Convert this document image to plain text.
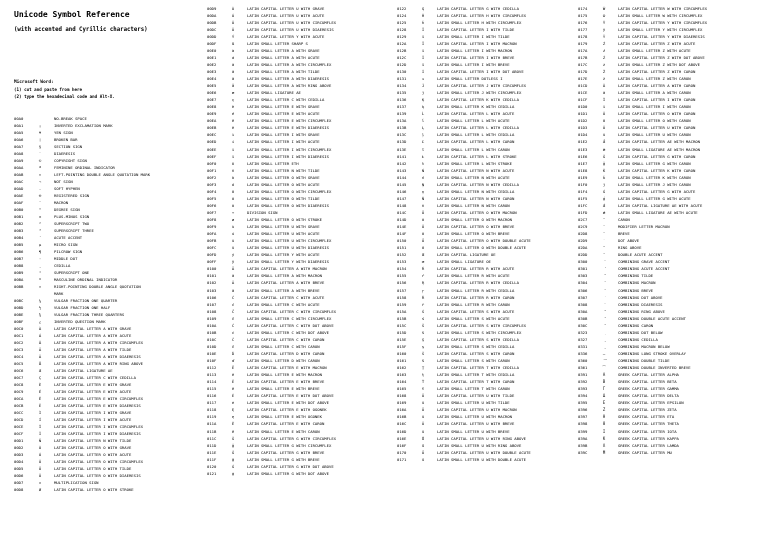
Unicode Symbol Reference
(with accented and Cyrillic characters)
Microsoft Word:
(1) cut and paste from here
(2) type the hexadecimal code and Alt-X.
00A0	NO-BREAK SPACE
00A1	¡	INVERTED EXCLAMATION MARK
00A5	¥	YEN SIGN
00A6	¦	BROKEN BAR
00A7	§	SECTION SIGN
00A8	¨	DIAERESIS
00A9	©	COPYRIGHT SIGN
00AA	ª	FEMININE ORDINAL INDICATOR
00AB	«	LEFT-POINTING DOUBLE ANGLE QUOTATION MARK
00AC	¬	NOT SIGN
00AD	-	SOFT HYPHEN
00AE	®	REGISTERED SIGN
00AF	¯	MACRON
00B0	°	DEGREE SIGN
00B1	±	PLUS-MINUS SIGN
00B2	²	SUPERSCRIPT TWO
00B3	³	SUPERSCRIPT THREE
00B4	´	ACUTE ACCENT
00B5	µ	MICRO SIGN
00B6	¶	PILCROW SIGN
00B7	·	MIDDLE DOT
00B8	¸	CEDILLA
00B9	¹	SUPERSCRIPT ONE
00BA	º	MASCULINE ORDINAL INDICATOR
00BB	»	RIGHT-POINTING DOUBLE ANGLE QUOTATION
MARK
00BC	¼	VULGAR FRACTION ONE QUARTER
00BD	½	VULGAR FRACTION ONE HALF
00BE	¾	VULGAR FRACTION THREE QUARTERS
00BF	¿	INVERTED QUESTION MARK
00C0	À	LATIN CAPITAL LETTER A WITH GRAVE
00C1	Á	LATIN CAPITAL LETTER A WITH ACUTE
00C2	Â	LATIN CAPITAL LETTER A WITH CIRCUMFLEX
00C3	Ã	LATIN CAPITAL LETTER A WITH TILDE
00C4	Ä	LATIN CAPITAL LETTER A WITH DIAERESIS
00C5	Å	LATIN CAPITAL LETTER A WITH RING ABOVE
00C6	Æ	LATIN CAPITAL LIGATURE AE
00C7	Ç	LATIN CAPITAL LETTER C WITH CEDILLA
00C8	È	LATIN CAPITAL LETTER E WITH GRAVE
00C9	É	LATIN CAPITAL LETTER E WITH ACUTE
00CA	Ê	LATIN CAPITAL LETTER E WITH CIRCUMFLEX
00CB	Ë	LATIN CAPITAL LETTER E WITH DIAERESIS
00CC	Ì	LATIN CAPITAL LETTER I WITH GRAVE
00CD	Í	LATIN CAPITAL LETTER I WITH ACUTE
00CE	Î	LATIN CAPITAL LETTER I WITH CIRCUMFLEX
00CF	Ï	LATIN CAPITAL LETTER I WITH DIAERESIS
00D1	Ñ	LATIN CAPITAL LETTER N WITH TILDE
00D2	Ò	LATIN CAPITAL LETTER O WITH GRAVE
00D3	Ó	LATIN CAPITAL LETTER O WITH ACUTE
00D4	Ô	LATIN CAPITAL LETTER O WITH CIRCUMFLEX
00D5	Õ	LATIN CAPITAL LETTER O WITH TILDE
00D6	Ö	LATIN CAPITAL LETTER O WITH DIAERESIS
00D7	×	MULTIPLICATION SIGN
00D8	Ø	LATIN CAPITAL LETTER O WITH STROKE
00D9	Ù	LATIN CAPITAL LETTER U WITH GRAVE
00DA	Ú	LATIN CAPITAL LETTER U WITH ACUTE
00DB	Û	LATIN CAPITAL LETTER U WITH CIRCUMFLEX
00DC	Ü	LATIN CAPITAL LETTER U WITH DIAERESIS
00DD	Ý	LATIN CAPITAL LETTER Y WITH ACUTE
00DF	ß	LATIN SMALL LETTER SHARP S
00E0	à	LATIN SMALL LETTER A WITH GRAVE
00E1	á	LATIN SMALL LETTER A WITH ACUTE
00E2	â	LATIN SMALL LETTER A WITH CIRCUMFLEX
00E3	ã	LATIN SMALL LETTER A WITH TILDE
00E4	ä	LATIN SMALL LETTER A WITH DIAERESIS
00E5	å	LATIN SMALL LETTER A WITH RING ABOVE
00E6	æ	LATIN SMALL LIGATURE AE
00E7	ç	LATIN SMALL LETTER C WITH CEDILLA
00E8	è	LATIN SMALL LETTER E WITH GRAVE
00E9	é	LATIN SMALL LETTER E WITH ACUTE
00EA	ê	LATIN SMALL LETTER E WITH CIRCUMFLEX
00EB	ë	LATIN SMALL LETTER E WITH DIAERESIS
00EC	ì	LATIN SMALL LETTER I WITH GRAVE
00ED	í	LATIN SMALL LETTER I WITH ACUTE
00EE	î	LATIN SMALL LETTER I WITH CIRCUMFLEX
00EF	ï	LATIN SMALL LETTER I WITH DIAERESIS
00F0	ð	LATIN SMALL LETTER ETH
00F1	ñ	LATIN SMALL LETTER N WITH TILDE
00F2	ò	LATIN SMALL LETTER O WITH GRAVE
00F3	ó	LATIN SMALL LETTER O WITH ACUTE
00F4	ô	LATIN SMALL LETTER O WITH CIRCUMFLEX
00F5	õ	LATIN SMALL LETTER O WITH TILDE
00F6	ö	LATIN SMALL LETTER O WITH DIAERESIS
00F7	÷	DIVISION SIGN
00F8	ø	LATIN SMALL LETTER O WITH STROKE
00F9	ù	LATIN SMALL LETTER U WITH GRAVE
00FA	ú	LATIN SMALL LETTER U WITH ACUTE
00FB	û	LATIN SMALL LETTER U WITH CIRCUMFLEX
00FC	ü	LATIN SMALL LETTER U WITH DIAERESIS
00FD	ý	LATIN SMALL LETTER Y WITH ACUTE
00FF	ÿ	LATIN SMALL LETTER Y WITH DIAERESIS
0100	Ā	LATIN CAPITAL LETTER A WITH MACRON
0101	ā	LATIN SMALL LETTER A WITH MACRON
0102	Ă	LATIN CAPITAL LETTER A WITH BREVE
0103	ă	LATIN SMALL LETTER A WITH BREVE
0106	Ć	LATIN CAPITAL LETTER C WITH ACUTE
0107	ć	LATIN SMALL LETTER C WITH ACUTE
0108	Ĉ	LATIN CAPITAL LETTER C WITH CIRCUMFLEX
0109	ĉ	LATIN SMALL LETTER C WITH CIRCUMFLEX
010A	Ċ	LATIN CAPITAL LETTER C WITH DOT ABOVE
010B	ċ	LATIN SMALL LETTER C WITH DOT ABOVE
010C	Č	LATIN CAPITAL LETTER C WITH CARON
010D	č	LATIN SMALL LETTER C WITH CARON
010E	Ď	LATIN CAPITAL LETTER D WITH CARON
010F	ď	LATIN SMALL LETTER D WITH CARON
0112	Ē	LATIN CAPITAL LETTER E WITH MACRON
0113	ē	LATIN SMALL LETTER E WITH MACRON
0114	Ĕ	LATIN CAPITAL LETTER E WITH BREVE
0115	ĕ	LATIN SMALL LETTER E WITH BREVE
0116	Ė	LATIN CAPITAL LETTER E WITH DOT ABOVE
0117	ė	LATIN SMALL LETTER E WITH DOT ABOVE
0118	Ę	LATIN CAPITAL LETTER E WITH OGONEK
0119	ę	LATIN SMALL LETTER E WITH OGONEK
011A	Ě	LATIN CAPITAL LETTER E WITH CARON
011B	ě	LATIN SMALL LETTER E WITH CARON
011C	Ĝ	LATIN CAPITAL LETTER G WITH CIRCUMFLEX
011D	ĝ	LATIN SMALL LETTER G WITH CIRCUMFLEX
011E	Ğ	LATIN CAPITAL LETTER G WITH BREVE
011F	ğ	LATIN SMALL LETTER G WITH BREVE
0120	Ġ	LATIN CAPITAL LETTER G WITH DOT ABOVE
0121	ġ	LATIN SMALL LETTER G WITH DOT ABOVE
0122	Ģ	LATIN CAPITAL LETTER G WITH CEDILLA
0124	Ĥ	LATIN CAPITAL LETTER H WITH CIRCUMFLEX
0125	ĥ	LATIN SMALL LETTER H WITH CIRCUMFLEX
0128	Ĩ	LATIN CAPITAL LETTER I WITH TILDE
0129	ĩ	LATIN SMALL LETTER I WITH TILDE
012A	Ī	LATIN CAPITAL LETTER I WITH MACRON
012B	ī	LATIN SMALL LETTER I WITH MACRON
012C	Ĭ	LATIN CAPITAL LETTER I WITH BREVE
012D	ĭ	LATIN SMALL LETTER I WITH BREVE
0130	İ	LATIN CAPITAL LETTER I WITH DOT ABOVE
0131	ı	LATIN SMALL LETTER DOTLESS I
0134	Ĵ	LATIN CAPITAL LETTER J WITH CIRCUMFLEX
0135	ĵ	LATIN SMALL LETTER J WITH CIRCUMFLEX
0136	Ķ	LATIN CAPITAL LETTER K WITH CEDILLA
0137	ķ	LATIN SMALL LETTER K WITH CEDILLA
0139	Ĺ	LATIN CAPITAL LETTER L WITH ACUTE
013A	ĺ	LATIN SMALL LETTER L WITH ACUTE
013B	Ļ	LATIN CAPITAL LETTER L WITH CEDILLA
013C	ļ	LATIN SMALL LETTER L WITH CEDILLA
013D	Ľ	LATIN CAPITAL LETTER L WITH CARON
013E	ľ	LATIN SMALL LETTER L WITH CARON
0141	Ł	LATIN CAPITAL LETTER L WITH STROKE
0142	ł	LATIN SMALL LETTER L WITH STROKE
0143	Ń	LATIN CAPITAL LETTER N WITH ACUTE
0144	ń	LATIN SMALL LETTER N WITH ACUTE
0145	Ņ	LATIN CAPITAL LETTER N WITH CEDILLA
0146	ņ	LATIN SMALL LETTER N WITH CEDILLA
0147	Ň	LATIN CAPITAL LETTER N WITH CARON
0148	ň	LATIN SMALL LETTER N WITH CARON
014C	Ō	LATIN CAPITAL LETTER O WITH MACRON
014D	ō	LATIN SMALL LETTER O WITH MACRON
014E	Ŏ	LATIN CAPITAL LETTER O WITH BREVE
014F	ŏ	LATIN SMALL LETTER O WITH BREVE
0150	Ő	LATIN CAPITAL LETTER O WITH DOUBLE ACUTE
0151	ő	LATIN SMALL LETTER O WITH DOUBLE ACUTE
0152	Œ	LATIN CAPITAL LIGATURE OE
0153	œ	LATIN SMALL LIGATURE OE
0154	Ŕ	LATIN CAPITAL LETTER R WITH ACUTE
0155	ŕ	LATIN SMALL LETTER R WITH ACUTE
0156	Ŗ	LATIN CAPITAL LETTER R WITH CEDILLA
0157	ŗ	LATIN SMALL LETTER R WITH CEDILLA
0158	Ř	LATIN CAPITAL LETTER R WITH CARON
0159	ř	LATIN SMALL LETTER R WITH CARON
015A	Ś	LATIN CAPITAL LETTER S WITH ACUTE
015B	ś	LATIN SMALL LETTER S WITH ACUTE
015C	Ŝ	LATIN CAPITAL LETTER S WITH CIRCUMFLEX
015D	ŝ	LATIN SMALL LETTER S WITH CIRCUMFLEX
015E	Ş	LATIN CAPITAL LETTER S WITH CEDILLA
015F	ş	LATIN SMALL LETTER S WITH CEDILLA
0160	Š	LATIN CAPITAL LETTER S WITH CARON
0161	š	LATIN SMALL LETTER S WITH CARON
0162	Ţ	LATIN CAPITAL LETTER T WITH CEDILLA
0163	ţ	LATIN SMALL LETTER T WITH CEDILLA
0164	Ť	LATIN CAPITAL LETTER T WITH CARON
0165	ť	LATIN SMALL LETTER T WITH CARON
0168	Ũ	LATIN CAPITAL LETTER U WITH TILDE
0169	ũ	LATIN SMALL LETTER U WITH TILDE
016A	Ū	LATIN CAPITAL LETTER U WITH MACRON
016B	ū	LATIN SMALL LETTER U WITH MACRON
016C	Ŭ	LATIN CAPITAL LETTER U WITH BREVE
016D	ŭ	LATIN SMALL LETTER U WITH BREVE
016E	Ů	LATIN CAPITAL LETTER U WITH RING ABOVE
016F	ů	LATIN SMALL LETTER U WITH RING ABOVE
0170	Ű	LATIN CAPITAL LETTER U WITH DOUBLE ACUTE
0171	ű	LATIN SMALL LETTER U WITH DOUBLE ACUTE
0174	Ŵ	LATIN CAPITAL LETTER W WITH CIRCUMFLEX
0175	ŵ	LATIN SMALL LETTER W WITH CIRCUMFLEX
0176	Ŷ	LATIN CAPITAL LETTER Y WITH CIRCUMFLEX
0177	ŷ	LATIN SMALL LETTER Y WITH CIRCUMFLEX
0178	Ÿ	LATIN CAPITAL LETTER Y WITH DIAERESIS
0179	Ź	LATIN CAPITAL LETTER Z WITH ACUTE
017A	ź	LATIN SMALL LETTER Z WITH ACUTE
017B	Ż	LATIN CAPITAL LETTER Z WITH DOT ABOVE
017C	ż	LATIN SMALL LETTER Z WITH DOT ABOVE
017D	Ž	LATIN CAPITAL LETTER Z WITH CARON
017E	ž	LATIN SMALL LETTER Z WITH CARON
01CD	Ǎ	LATIN CAPITAL LETTER A WITH CARON
01CE	ǎ	LATIN SMALL LETTER A WITH CARON
01CF	Ǐ	LATIN CAPITAL LETTER I WITH CARON
01D0	ǐ	LATIN SMALL LETTER I WITH CARON
01D1	Ǒ	LATIN CAPITAL LETTER O WITH CARON
01D2	ǒ	LATIN SMALL LETTER O WITH CARON
01D3	Ǔ	LATIN CAPITAL LETTER U WITH CARON
01D4	ǔ	LATIN SMALL LETTER U WITH CARON
01E2	Ǣ	LATIN CAPITAL LETTER AE WITH MACRON
01E3	ǣ	LATIN SMALL LIGATURE AE WITH MACRON
01E6	Ǧ	LATIN CAPITAL LETTER G WITH CARON
01E7	ǧ	LATIN SMALL LETTER G WITH CARON
01E8	Ǩ	LATIN CAPITAL LETTER K WITH CARON
01E9	ǩ	LATIN SMALL LETTER K WITH CARON
01F0	ǰ	LATIN SMALL LETTER J WITH CARON
01F4	Ǵ	LATIN CAPITAL LETTER G WITH ACUTE
01F5	ǵ	LATIN SMALL LETTER G WITH ACUTE
01FC	Ǽ	LATIN CAPITAL LIGATURE AE WITH ACUTE
01FD	ǽ	LATIN SMALL LIGATURE AE WITH ACUTE
02C7	ˇ	CARON
02C9	ˉ	MODIFIER LETTER MACRON
02D8	˘	BREVE
02D9	˙	DOT ABOVE
02DA	˚	RING ABOVE
02DD	˝	DOUBLE ACUTE ACCENT
0300	COMBINING GRAVE ACCENT
0301	COMBINING ACUTE ACCENT
0303	COMBINING TILDE
0304	COMBINING MACRON
0306	COMBINING BREVE
0307	COMBINING DOT ABOVE
0308	COMBINING DIAERESIS
030A	COMBINING RING ABOVE
030B	COMBINING DOUBLE ACUTE ACCENT
030C	COMBINING CARON
0323	COMBINING DOT BELOW
0327	COMBINING CEDILLA
0331	COMBINING MACRON BELOW
0336	̶	COMBINING LONG STROKE OVERLAY
0360	COMBINING DOUBLE TILDE
0361	͡	COMBINING DOUBLE INVERTED BREVE
0391	Α	GREEK CAPITAL LETTER ALPHA
0392	Β	GREEK CAPITAL LETTER BETA
0393	Γ	GREEK CAPITAL LETTER GAMMA
0394	Δ	GREEK CAPITAL LETTER DELTA
0395	Ε	GREEK CAPITAL LETTER EPSILON
0396	Ζ	GREEK CAPITAL LETTER ZETA
0397	Η	GREEK CAPITAL LETTER ETA
0398	Θ	GREEK CAPITAL LETTER THETA
0399	Ι	GREEK CAPITAL LETTER IOTA
039A	Κ	GREEK CAPITAL LETTER KAPPA
039B	Λ	GREEK CAPITAL LETTER LAMDA
039C	Μ	GREEK CAPITAL LETTER MU
